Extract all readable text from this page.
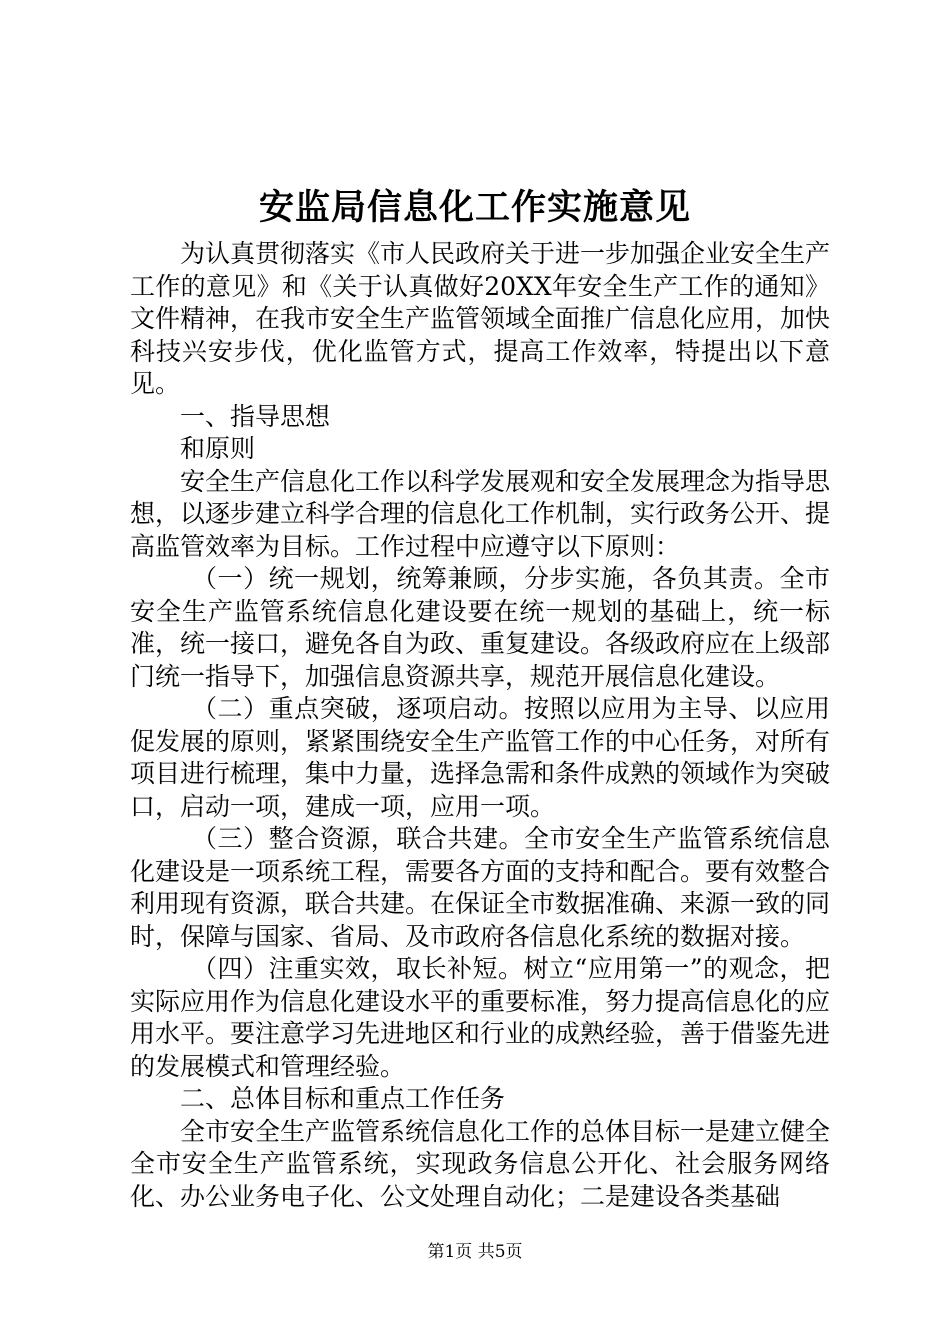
安监局信息化工作实施意见

为认真贯彻落实《市人民政府关于进一步加强企业安全生产工作的意见》和《关于认真做好20XX年安全生产工作的通知》文件精神，在我市安全生产监管领域全面推广信息化应用，加快科技兴安步伐，优化监管方式，提高工作效率，特提出以下意见。

一、指导思想

和原则

安全生产信息化工作以科学发展观和安全发展理念为指导思想，以逐步建立科学合理的信息化工作机制，实行政务公开、提高监管效率为目标。工作过程中应遵守以下原则：

（一）统一规划，统筹兼顾，分步实施，各负其责。全市安全生产监管系统信息化建设要在统一规划的基础上，统一标准，统一接口，避免各自为政、重复建设。各级政府应在上级部门统一指导下，加强信息资源共享，规范开展信息化建设。

（二）重点突破，逐项启动。按照以应用为主导、以应用促发展的原则，紧紧围绕安全生产监管工作的中心任务，对所有项目进行梳理，集中力量，选择急需和条件成熟的领域作为突破口，启动一项，建成一项，应用一项。

（三）整合资源，联合共建。全市安全生产监管系统信息化建设是一项系统工程，需要各方面的支持和配合。要有效整合利用现有资源，联合共建。在保证全市数据准确、来源一致的同时，保障与国家、省局、及市政府各信息化系统的数据对接。

（四）注重实效，取长补短。树立“应用第一”的观念，把实际应用作为信息化建设水平的重要标准，努力提高信息化的应用水平。要注意学习先进地区和行业的成熟经验，善于借鉴先进的发展模式和管理经验。

二、总体目标和重点工作任务

全市安全生产监管系统信息化工作的总体目标一是建立健全全市安全生产监管系统，实现政务信息公开化、社会服务网络化、办公业务电子化、公文处理自动化；二是建设各类基础

第1页 共5页
